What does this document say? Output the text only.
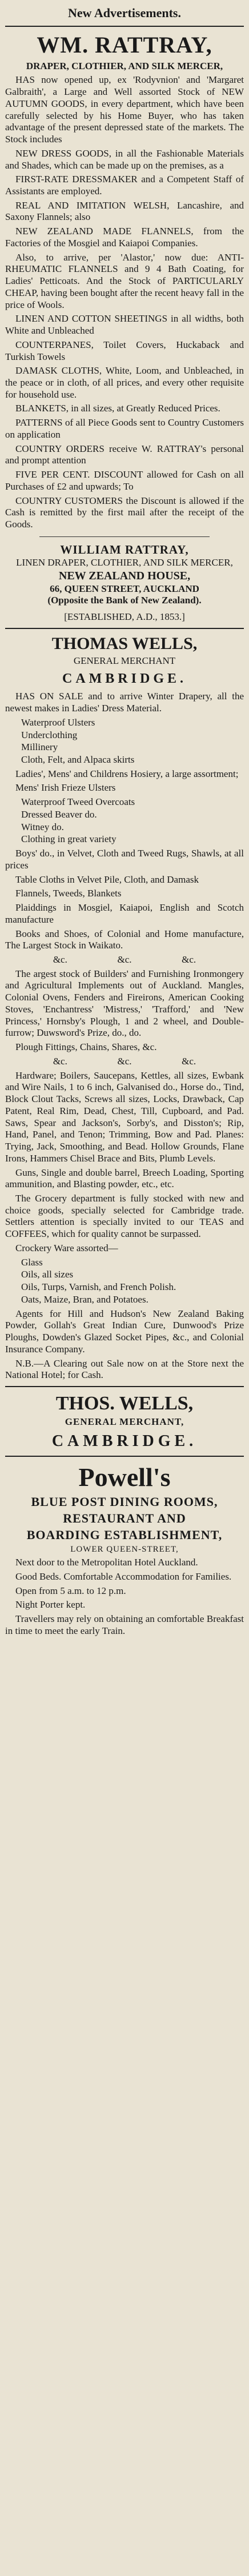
New Advertisements.
WM. RATTRAY,
DRAPER, CLOTHIER, AND SILK MERCER,

HAS now opened up, ex 'Rodyvnion' and 'Margaret Galbraith', a Large and Well assorted Stock of NEW AUTUMN GOODS, in every department, which have been carefully selected by his Home Buyer, who has taken advantage of the present depressed state of the markets. The Stock includes

NEW DRESS GOODS, in all the Fashionable Materials and Shades, which can be made up on the premises, as a

FIRST-RATE DRESSMAKER and a Competent Staff of Assistants are employed.

REAL AND IMITATION WELSH, Lancashire, and Saxony Flannels; also

NEW ZEALAND MADE FLANNELS, from the Factories of the Mosgiel and Kaiapoi Companies.

Also, to arrive, per 'Alastor,' now due: ANTI-RHEUMATIC FLANNELS and 9 4 Bath Coating, for Ladies' Petticoats. And the Stock of PARTICULARLY CHEAP, having been bought after the recent heavy fall in the price of Wools.

LINEN AND COTTON SHEETINGS in all widths, both White and Unbleached

COUNTERPANES, Toilet Covers, Huckaback and Turkish Towels

DAMASK CLOTHS, White, Loom, and Unbleached, in the peace or in cloth, of all prices, and every other requisite for household use.

BLANKETS, in all sizes, at Greatly Reduced Prices.

PATTERNS of all Piece Goods sent to Country Customers on application

COUNTRY ORDERS receive W. RATTRAY's personal and prompt attention

FIVE PER CENT. DISCOUNT allowed for Cash on all Purchases of £2 and upwards; To

COUNTRY CUSTOMERS the Discount is allowed if the Cash is remitted by the first mail after the receipt of the Goods.

WILLIAM RATTRAY,
LINEN DRAPER, CLOTHIER, AND SILK MERCER,
NEW ZEALAND HOUSE,
66, QUEEN STREET, AUCKLAND
(Opposite the Bank of New Zealand).
[ESTABLISHED, A.D., 1853.]
THOMAS WELLS,
GENERAL MERCHANT
CAMBRIDGE.

HAS ON SALE and to arrive Winter Drapery, all the newest makes in Ladies' Dress Material.

Waterproof Ulsters
Underclothing
Millinery
Cloth, Felt, and Alpaca skirts

Ladies', Mens' and Childrens Hosiery, a large assortment;

Mens' Irish Frieze Ulsters

Waterproof Tweed Overcoats
Dressed Beaver do.
Witney do.
Clothing in great variety

Boys' do., in Velvet, Cloth and Tweed Rugs, Shawls, at all prices

Table Cloths in Velvet Pile, Cloth, and Damask

Flannels, Tweeds, Blankets

Plaiddings in Mosgiel, Kaiapoi, English and Scotch manufacture

Books and Shoes, of Colonial and Home manufacture, The Largest Stock in Waikato.

&c.	&c.	&c.

The argest stock of Builders' and Furnishing Ironmongery and Agricultural Implements out of Auckland. Mangles, Colonial Ovens, Fenders and Fireirons, American Cooking Stoves, 'Enchantress' 'Mistress,' 'Trafford,' and 'New Princess,' Hornsby's Plough, 1 and 2 wheel, and Double-furrow; Duwsword's Prize, do., do.

Plough Fittings, Chains, Shares, &c.

&c.	&c.	&c.

Hardware; Boilers, Saucepans, Kettles, all sizes, Ewbank and Wire Nails, 1 to 6 inch, Galvanised do., Horse do., Tind, Block Clout Tacks, Screws all sizes, Locks, Drawback, Cap Patent, Real Rim, Dead, Chest, Till, Cupboard, and Pad. Saws, Spear and Jackson's, Sorby's, and Disston's; Rip, Hand, Panel, and Tenon; Trimming, Bow and Pad. Planes: Trying, Jack, Smoothing, and Bead. Hollow Grounds, Flane Irons, Hammers Chisel Brace and Bits, Plumb Levels.

Guns, Single and double barrel, Breech Loading, Sporting ammunition, and Blasting powder, etc., etc.

The Grocery department is fully stocked with new and choice goods, specially selected for Cambridge trade. Settlers attention is specially invited to our TEAS and COFFEES, which for quality cannot be surpassed.

Crockery Ware assorted—

Glass
Oils, all sizes
Oils, Turps, Varnish, and French Polish.
Oats, Maize, Bran, and Potatoes.

Agents for Hill and Hudson's New Zealand Baking Powder, Gollah's Great Indian Cure, Dunwood's Prize Ploughs, Dowden's Glazed Socket Pipes, &c., and Colonial Insurance Company.

N.B.—A Clearing out Sale now on at the Store next the National Hotel; for Cash.

THOS. WELLS,
GENERAL MERCHANT,
CAMBRIDGE.
Powell's
BLUE POST DINING ROOMS,
RESTAURANT AND
BOARDING ESTABLISHMENT,
LOWER QUEEN-STREET,

Next door to the Metropolitan Hotel Auckland.

Good Beds. Comfortable Accommodation for Families.

Open from 5 a.m. to 12 p.m.

Night Porter kept.

Travellers may rely on obtaining an comfortable Breakfast in time to meet the early Train.
